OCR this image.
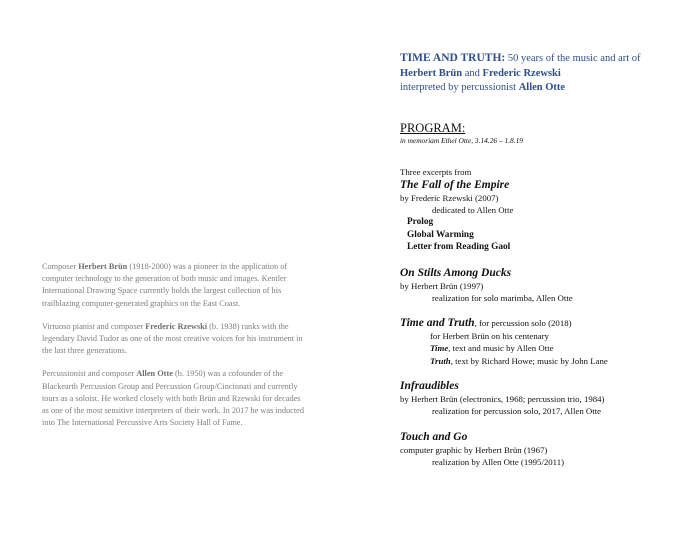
Composer Herbert Brün (1918-2000) was a pioneer in the application of computer technology to the generation of both music and images. Kentler International Drawing Space currently holds the largest collection of his trailblazing computer-generated graphics on the East Coast.

Virtuoso pianist and composer Frederic Rzewski (b. 1938) ranks with the legendary David Tudor as one of the most creative voices for his instrument in the last three generations.

Percussionist and composer Allen Otte (b. 1950) was a cofounder of the Blackearth Percussion Group and Percussion Group/Cincinnati and currently tours as a soloist. He worked closely with both Brün and Rzewski for decades as one of the most sensitive interpreters of their work. In 2017 he was inducted into The International Percussive Arts Society Hall of Fame.

TIME AND TRUTH: 50 years of the music and art of
Herbert Brün and Frederic Rzewski
interpreted by percussionist Allen Otte
PROGRAM:
in memoriam Ethel Otte, 3.14.26 – 1.8.19
Three excerpts from
The Fall of the Empire
by Frederic Rzewski (2007)
dedicated to Allen Otte
Prolog
Global Warming
Letter from Reading Gaol
On Stilts Among Ducks
by Herbert Brün (1997)
realization for solo marimba, Allen Otte
Time and Truth, for percussion solo (2018)
for Herbert Brün on his centenary
Time, text and music by Allen Otte
Truth, text by Richard Howe; music by John Lane
Infraudibles
by Herbert Brün (electronics, 1968; percussion trio, 1984)
realization for percussion solo, 2017, Allen Otte
Touch and Go
computer graphic by Herbert Brün (1967)
realization by Allen Otte (1995/2011)
